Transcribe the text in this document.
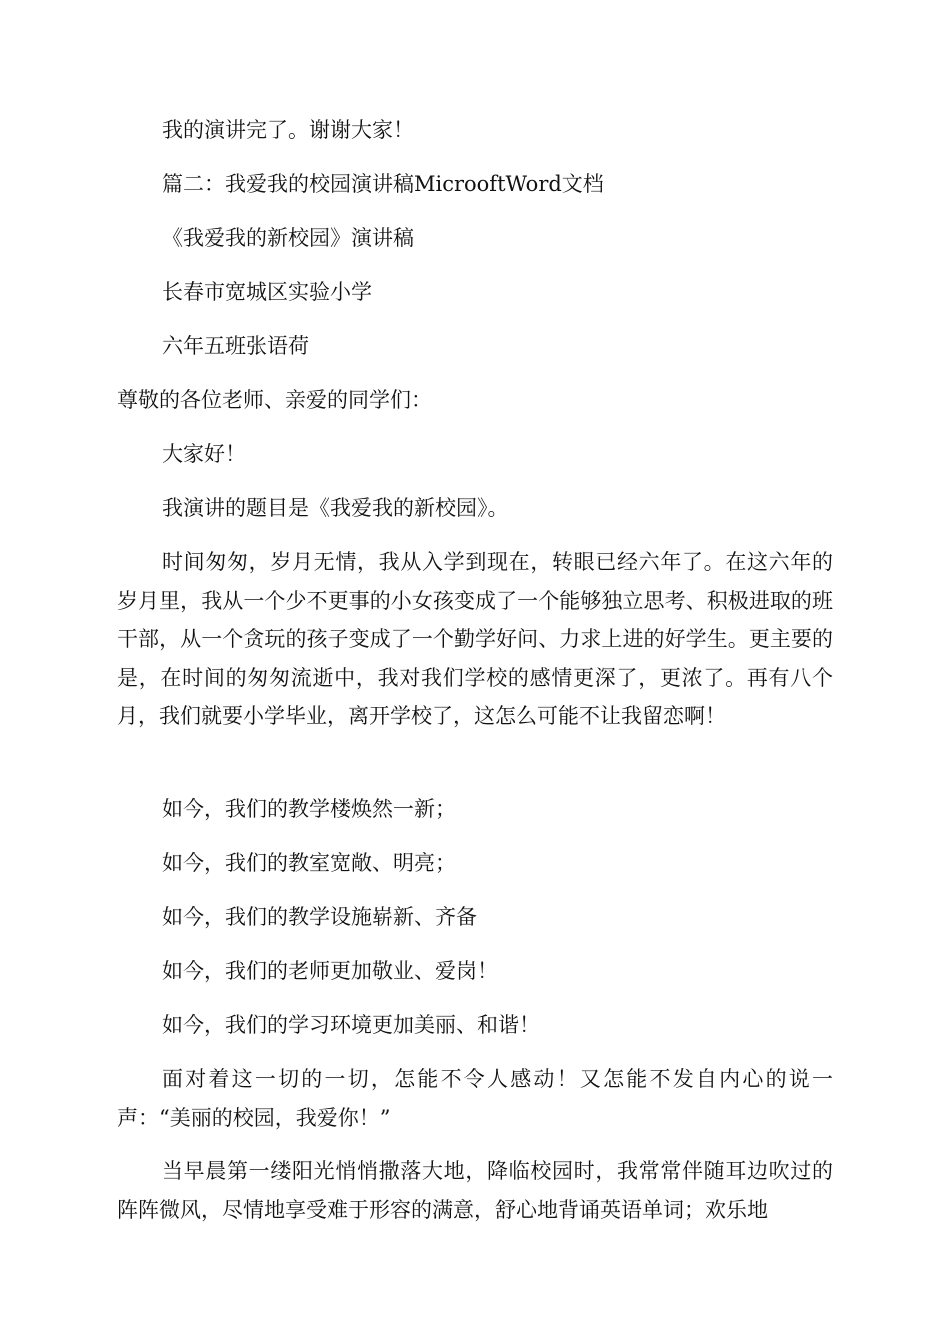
我的演讲完了。谢谢大家！

篇二：我爱我的校园演讲稿MicrooftWord文档

《我爱我的新校园》演讲稿

长春市宽城区实验小学

六年五班张语荷

尊敬的各位老师、亲爱的同学们：

大家好！

我演讲的题目是《我爱我的新校园》。

时间匆匆，岁月无情，我从入学到现在，转眼已经六年了。在这六年的岁月里，我从一个少不更事的小女孩变成了一个能够独立思考、积极进取的班干部，从一个贪玩的孩子变成了一个勤学好问、力求上进的好学生。更主要的是，在时间的匆匆流逝中，我对我们学校的感情更深了，更浓了。再有八个月，我们就要小学毕业，离开学校了，这怎么可能不让我留恋啊！

如今，我们的教学楼焕然一新；

如今，我们的教室宽敞、明亮；

如今，我们的教学设施崭新、齐备

如今，我们的老师更加敬业、爱岗！

如今，我们的学习环境更加美丽、和谐！

面对着这一切的一切，怎能不令人感动！又怎能不发自内心的说一声：“美丽的校园，我爱你！”

当早晨第一缕阳光悄悄撒落大地，降临校园时，我常常伴随耳边吹过的阵阵微风，尽情地享受难于形容的满意，舒心地背诵英语单词；欢乐地
